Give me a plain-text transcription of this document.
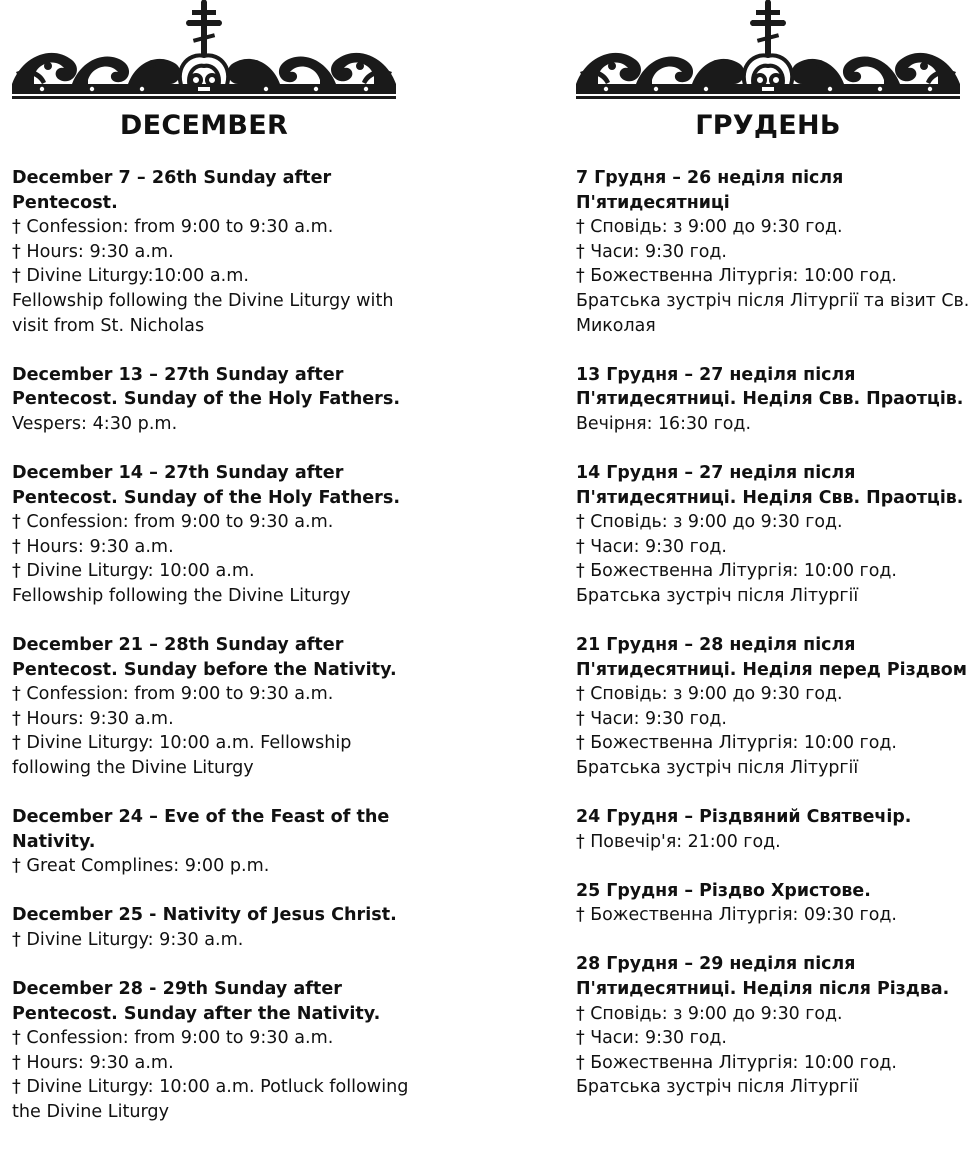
DECEMBER
December 7 – 26th Sunday after Pentecost.
† Confession: from 9:00 to 9:30 a.m.
† Hours: 9:30 a.m.
† Divine Liturgy:10:00 a.m.
Fellowship following the Divine Liturgy with visit from St. Nicholas
December 13 – 27th Sunday after Pentecost. Sunday of the Holy Fathers.
Vespers: 4:30 p.m.
December 14 – 27th Sunday after Pentecost. Sunday of the Holy Fathers.
† Confession: from 9:00 to 9:30 a.m.
† Hours: 9:30 a.m.
† Divine Liturgy: 10:00 a.m.
Fellowship following the Divine Liturgy
December 21 – 28th Sunday after Pentecost. Sunday before the Nativity.
† Confession: from 9:00 to 9:30 a.m.
† Hours: 9:30 a.m.
† Divine Liturgy: 10:00 a.m. Fellowship following the Divine Liturgy
December 24 – Eve of the Feast of the Nativity.
† Great Complines: 9:00 p.m.
December 25 - Nativity of Jesus Christ.
† Divine Liturgy: 9:30 a.m.
December 28 - 29th Sunday after Pentecost. Sunday after the Nativity.
† Confession: from 9:00 to 9:30 a.m.
† Hours: 9:30 a.m.
† Divine Liturgy: 10:00 a.m. Potluck following the Divine Liturgy
ГРУДЕНЬ
7 Грудня – 26 неділя після П'ятидесятниці
† Сповідь: з 9:00 до 9:30 год.
† Часи: 9:30 год.
† Божественна Літургія: 10:00 год.
Братська зустріч після Літургії та візит Св. Миколая
13 Грудня – 27 неділя після П'ятидесятниці. Неділя Свв. Праотців.
Вечірня: 16:30 год.
14 Грудня – 27 неділя після П'ятидесятниці. Неділя Свв. Праотців.
† Сповідь: з 9:00 до 9:30 год.
† Часи: 9:30 год.
† Божественна Літургія: 10:00 год.
Братська зустріч після Літургії
21 Грудня – 28 неділя після П'ятидесятниці. Неділя перед Різдвом
† Сповідь: з 9:00 до 9:30 год.
† Часи: 9:30 год.
† Божественна Літургія: 10:00 год.
Братська зустріч після Літургії
24 Грудня – Різдвяний Святвечір.
† Повечір'я: 21:00 год.
25 Грудня – Різдво Христове.
† Божественна Літургія: 09:30 год.
28 Грудня – 29 неділя після П'ятидесятниці. Неділя після Різдва.
† Сповідь: з 9:00 до 9:30 год.
† Часи: 9:30 год.
† Божественна Літургія: 10:00 год.
Братська зустріч після Літургії
